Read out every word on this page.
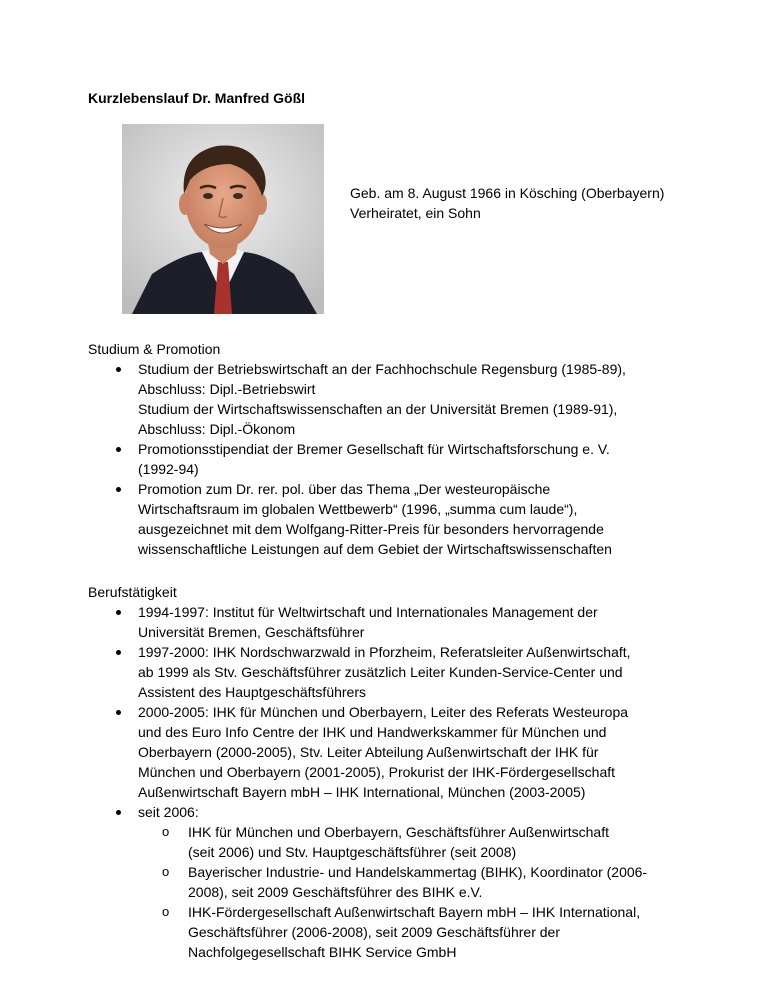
Kurzlebenslauf Dr. Manfred Gößl
Geb. am 8. August 1966 in Kösching (Oberbayern)
Verheiratet, ein Sohn
Studium & Promotion
Studium der Betriebswirtschaft an der Fachhochschule Regensburg (1985-89),
Abschluss: Dipl.-Betriebswirt
Studium der Wirtschaftswissenschaften an der Universität Bremen (1989-91),
Abschluss: Dipl.-Ökonom
Promotionsstipendiat der Bremer Gesellschaft für Wirtschaftsforschung e. V.
(1992-94)
Promotion zum Dr. rer. pol. über das Thema „Der westeuropäische
Wirtschaftsraum im globalen Wettbewerb“ (1996, „summa cum laude“),
ausgezeichnet mit dem Wolfgang-Ritter-Preis für besonders hervorragende
wissenschaftliche Leistungen auf dem Gebiet der Wirtschaftswissenschaften
Berufstätigkeit
1994-1997: Institut für Weltwirtschaft und Internationales Management der
Universität Bremen, Geschäftsführer
1997-2000: IHK Nordschwarzwald in Pforzheim, Referatsleiter Außenwirtschaft,
ab 1999 als Stv. Geschäftsführer zusätzlich Leiter Kunden-Service-Center und
Assistent des Hauptgeschäftsführers
2000-2005: IHK für München und Oberbayern, Leiter des Referats Westeuropa
und des Euro Info Centre der IHK und Handwerkskammer für München und
Oberbayern (2000-2005), Stv. Leiter Abteilung Außenwirtschaft der IHK für
München und Oberbayern (2001-2005), Prokurist der IHK-Fördergesellschaft
Außenwirtschaft Bayern mbH – IHK International, München (2003-2005)
seit 2006:
o IHK für München und Oberbayern, Geschäftsführer Außenwirtschaft
(seit 2006) und Stv. Hauptgeschäftsführer (seit 2008)
o Bayerischer Industrie- und Handelskammertag (BIHK), Koordinator (2006-
2008), seit 2009 Geschäftsführer des BIHK e.V.
o IHK-Fördergesellschaft Außenwirtschaft Bayern mbH – IHK International,
Geschäftsführer (2006-2008), seit 2009 Geschäftsführer der
Nachfolgegesellschaft BIHK Service GmbH
